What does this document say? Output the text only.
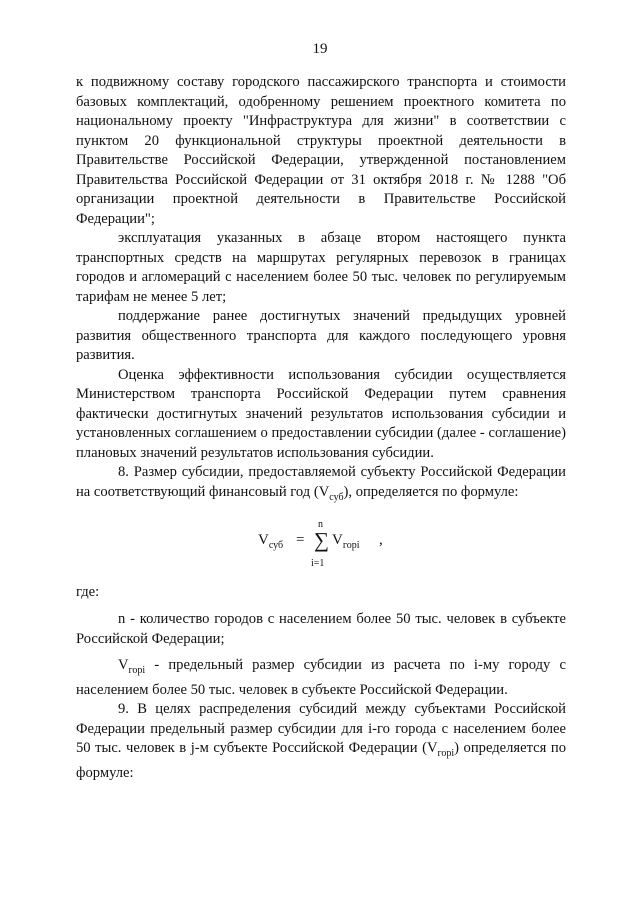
19

к подвижному составу городского пассажирского транспорта и стоимости базовых комплектаций, одобренному решением проектного комитета по национальному проекту "Инфраструктура для жизни" в соответствии с пунктом 20 функциональной структуры проектной деятельности в Правительстве Российской Федерации, утвержденной постановлением Правительства Российской Федерации от 31 октября 2018 г. № 1288 "Об организации проектной деятельности в Правительстве Российской Федерации";

эксплуатация указанных в абзаце втором настоящего пункта транспортных средств на маршрутах регулярных перевозок в границах городов и агломераций с населением более 50 тыс. человек по регулируемым тарифам не менее 5 лет;

поддержание ранее достигнутых значений предыдущих уровней развития общественного транспорта для каждого последующего уровня развития.

Оценка эффективности использования субсидии осуществляется Министерством транспорта Российской Федерации путем сравнения фактически достигнутых значений результатов использования субсидии и установленных соглашением о предоставлении субсидии (далее - соглашение) плановых значений результатов использования субсидии.

8. Размер субсидии, предоставляемой субъекту Российской Федерации на соответствующий финансовый год $(V_{суб})$, определяется по формуле:

$V_{суб}$ =
n
∑
i=1
$V_{горi}$ ,

где:

n - количество городов с населением более 50 тыс. человек в субъекте Российской Федерации;

$V_{горi}$ - предельный размер субсидии из расчета по i-му городу с населением более 50 тыс. человек в субъекте Российской Федерации.

9. В целях распределения субсидий между субъектами Российской Федерации предельный размер субсидии для i-го города с населением более 50 тыс. человек в j-м субъекте Российской Федерации $(V_{горi})$ определяется по формуле:
